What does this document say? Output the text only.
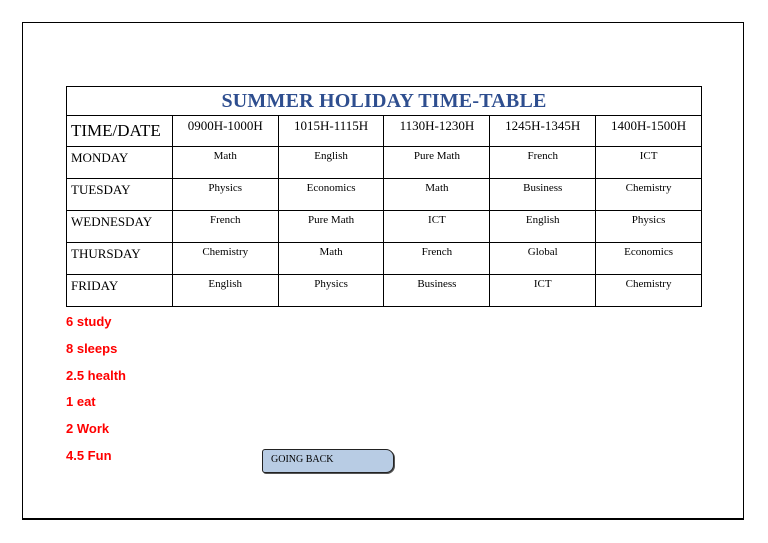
SUMMER HOLIDAY TIME-TABLE					
TIME/DATE	0900H-1000H	1015H-1115H	1130H-1230H	1245H-1345H	1400H-1500H
MONDAY	Math	English	Pure Math	French	ICT
TUESDAY	Physics	Economics	Math	Business	Chemistry
WEDNESDAY	French	Pure Math	ICT	English	Physics
THURSDAY	Chemistry	Math	French	Global	Economics
FRIDAY	English	Physics	Business	ICT	Chemistry
6 study
8 sleeps
2.5 health
1 eat
2 Work
4.5 Fun	GOING BACK
